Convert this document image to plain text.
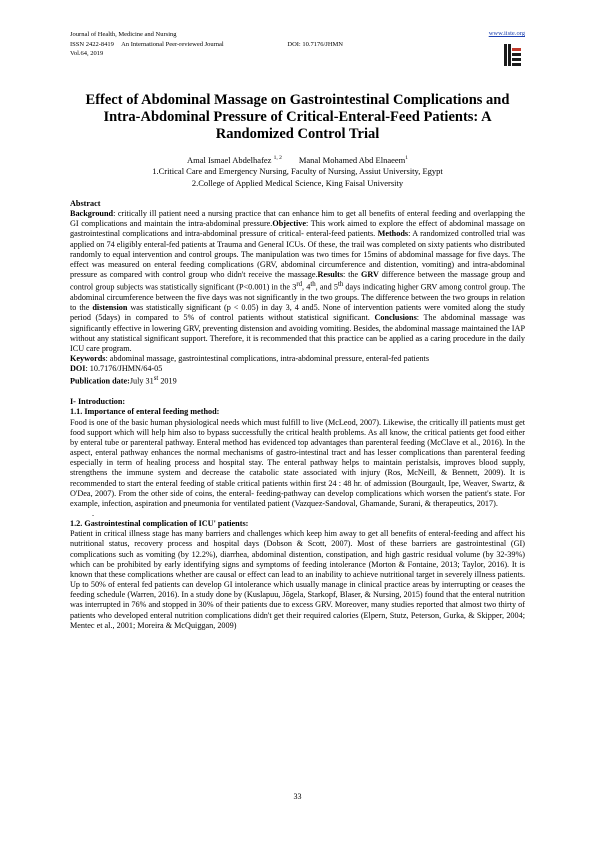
Journal of Health, Medicine and Nursing
ISSN 2422-8419 An International Peer-reviewed Journal	DOI: 10.7176/JHMN
Vol.64, 2019
www.iiste.org
Effect of Abdominal Massage on Gastrointestinal Complications and Intra-Abdominal Pressure of Critical-Enteral-Feed Patients: A Randomized Control Trial
Amal Ismael Abdelhafez $^{1, 2}$ Manal Mohamed Abd Elnaeem$^1$
1.Critical Care and Emergency Nursing, Faculty of Nursing, Assiut University, Egypt
2.College of Applied Medical Science, King Faisal University

Abstract

Background: critically ill patient need a nursing practice that can enhance him to get all benefits of enteral feeding and overlapping the GI complications and maintain the intra-abdominal pressure.Objective: This work aimed to explore the effect of abdominal massage on gastrointestinal complications and intra-abdominal pressure of critical- enteral-feed patients. Methods: A randomized controlled trial was applied on 74 eligibly enteral-fed patients at Trauma and General ICUs. Of these, the trail was completed on sixty patients who distributed randomly to equal intervention and control groups. The manipulation was two times for 15mins of abdominal massage for five days. The effect was measured on enteral feeding complications (GRV, abdominal circumference and distention, vomiting) and intra-abdominal pressure as compared with control group who didn't receive the massage.Results: the GRV difference between the massage group and control group subjects was statistically significant (P<0.001) in the 3rd, 4th, and 5th days indicating higher GRV among control group. The abdominal circumference between the five days was not significantly in the two groups. The difference between the two groups in relation to the distension was statistically significant (p < 0.05) in day 3, 4 and5. None of intervention patients were vomited along the study period (5days) in compared to 5% of control patients without statistical significant. Conclusions: The abdominal massage was significantly effective in lowering GRV, preventing distension and avoiding vomiting. Besides, the abdominal massage maintained the IAP without any statistical significant support. Therefore, it is recommended that this practice can be applied as a caring procedure in the daily ICU care program.

Keywords: abdominal massage, gastrointestinal complications, intra-abdominal pressure, enteral-fed patients

DOI: 10.7176/JHMN/64-05

Publication date:July 31st 2019

I- Introduction:

1.1. Importance of enteral feeding method:

Food is one of the basic human physiological needs which must fulfill to live (McLeod, 2007). Likewise, the critically ill patients must get food support which will help him also to bypass successfully the critical health problems. As all know, the critical patients get food either by enteral tube or parenteral pathway. Enteral method has evidenced top advantages than parenteral feeding (McClave et al., 2016). In the aspect, enteral pathway enhances the normal mechanisms of gastro-intestinal tract and has lesser complications than parenteral feeding especially in term of healing process and hospital stay. The enteral pathway helps to maintain peristalsis, improves blood supply, strengthens the immune system and decrease the catabolic state associated with injury (Ros, McNeill, & Bennett, 2009). It is recommended to start the enteral feeding of stable critical patients within first 24 : 48 hr. of admission (Bourgault, Ipe, Weaver, Swartz, & O'Dea, 2007). From the other side of coins, the enteral- feeding-pathway can develop complications which worsen the patient's state. For example, infection, aspiration and pneumonia for ventilated patient (Vazquez-Sandoval, Ghamande, Surani, & therapeutics, 2017).

.

1.2. Gastrointestinal complication of ICU' patients:

Patient in critical illness stage has many barriers and challenges which keep him away to get all benefits of enteral-feeding and affect his nutritional status, recovery process and hospital days (Dobson & Scott, 2007). Most of these barriers are gastrointestinal (GI) complications such as vomiting (by 12.2%), diarrhea, abdominal distention, constipation, and high gastric residual volume (by 32-39%) which can be prohibited by early identifying signs and symptoms of feeding intolerance (Morton & Fontaine, 2013; Taylor, 2016). It is known that these complications whether are causal or effect can lead to an inability to achieve nutritional target in severely illness patients. Up to 50% of enteral fed patients can develop GI intolerance which usually manage in clinical practice areas by interrupting or ceases the feeding schedule (Warren, 2016). In a study done by (Kuslapuu, Jõgela, Starkopf, Blaser, & Nursing, 2015) found that the enteral nutrition was interrupted in 76% and stopped in 30% of their patients due to excess GRV. Moreover, many studies reported that almost two thirty of patients who developed enteral nutrition complications didn't get their required calories (Elpern, Stutz, Peterson, Gurka, & Skipper, 2004; Mentec et al., 2001; Moreira & McQuiggan, 2009)

33
